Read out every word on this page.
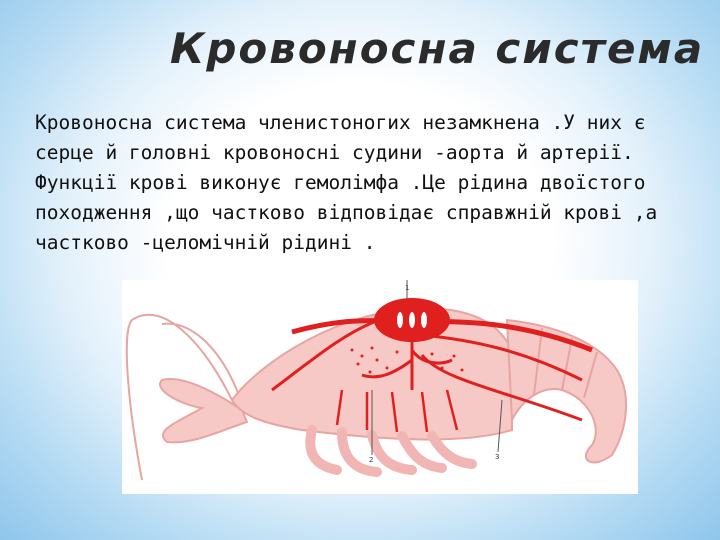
Кровоносна система
Кровоносна система членистоногих незамкнена .У них є
серце й головні кровоносні судини -аорта й артерії.
Функції крові виконує гемолімфа .Це рідина двоїстого
походження ,що частково відповідає справжній крові ,а
частково -целомічній рідині .
1
2	3
